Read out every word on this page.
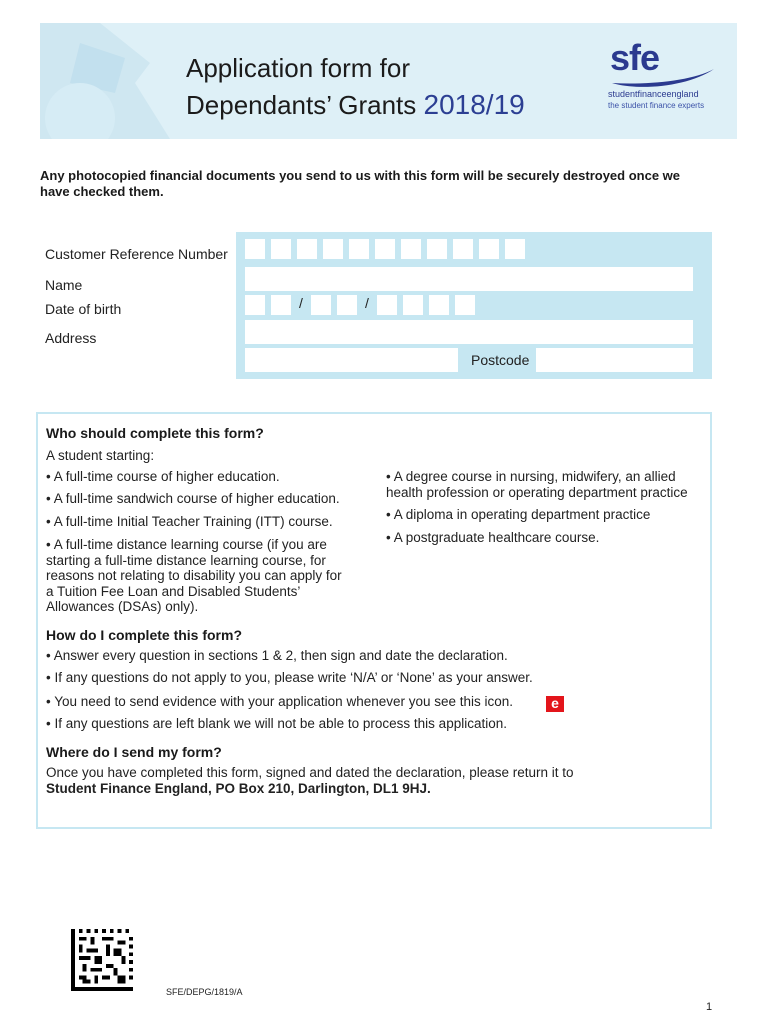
Application form for
Dependants’ Grants 2018/19
sfe
studentfinanceengland
the student finance experts
Any photocopied financial documents you send to us with this form will be securely destroyed once we have checked them.
Customer Reference Number
Name
Date of birth
Address
/	/
Postcode
Who should complete this form?
A student starting:
• A full-time course of higher education.
• A full-time sandwich course of higher education.
• A full-time Initial Teacher Training (ITT) course.
• A full-time distance learning course (if you are starting a full-time distance learning course, for reasons not relating to disability you can apply for a Tuition Fee Loan and Disabled Students’ Allowances (DSAs) only).
• A degree course in nursing, midwifery, an allied health profession or operating department practice
• A diploma in operating department practice
• A postgraduate healthcare course.
How do I complete this form?
• Answer every question in sections 1 & 2, then sign and date the declaration.
• If any questions do not apply to you, please write ‘N/A’ or ‘None’ as your answer.
• You need to send evidence with your application whenever you see this icon.	e
• If any questions are left blank we will not be able to process this application.
Where do I send my form?
Once you have completed this form, signed and dated the declaration, please return it to
Student Finance England, PO Box 210, Darlington, DL1 9HJ.
SFE/DEPG/1819/A
1
